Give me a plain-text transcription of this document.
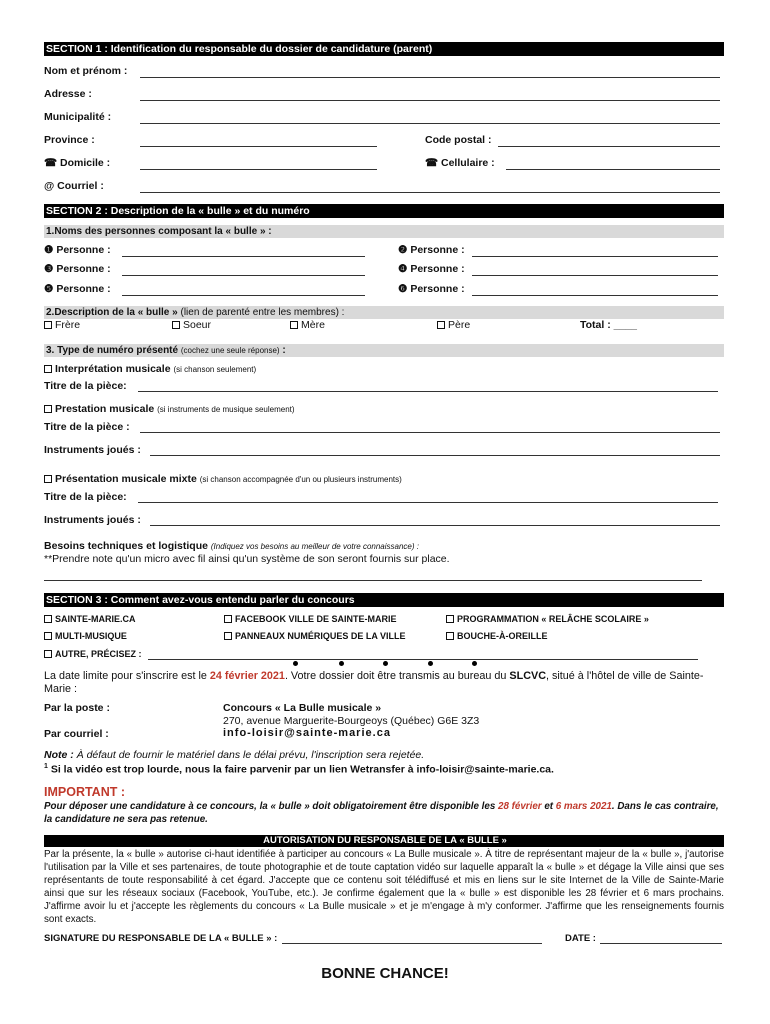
SECTION 1 : Identification du responsable du dossier de candidature (parent)
Nom et prénom :
Adresse :
Municipalité :
Province :	Code postal :
☎ Domicile :	☎ Cellulaire :
@ Courriel :
SECTION 2 : Description de la « bulle » et du numéro
1.Noms des personnes composant la « bulle » :
❶ Personne :	❷ Personne :
❸ Personne :	❹ Personne :
❺ Personne :	❻ Personne :
2.Description de la « bulle » (lien de parenté entre les membres) :
Frère	Soeur	Mère	Père	Total : ____
3. Type de numéro présenté (cochez une seule réponse) :
Interprétation musicale (si chanson seulement)
Titre de la pièce:
Prestation musicale (si instruments de musique seulement)
Titre de la pièce :
Instruments joués :
Présentation musicale mixte (si chanson accompagnée d'un ou plusieurs instruments)
Titre de la pièce:
Instruments joués :
Besoins techniques et logistique (Indiquez vos besoins au meilleur de votre connaissance) :
**Prendre note qu'un micro avec fil ainsi qu'un système de son seront fournis sur place.
SECTION 3 : Comment avez-vous entendu parler du concours
SAINTE-MARIE.CA	FACEBOOK VILLE DE SAINTE-MARIE	PROGRAMMATION « RELÂCHE SCOLAIRE »
MULTI-MUSIQUE	PANNEAUX NUMÉRIQUES DE LA VILLE	BOUCHE-À-OREILLE
AUTRE, PRÉCISEZ :
La date limite pour s'inscrire est le 24 février 2021. Votre dossier doit être transmis au bureau du SLCVC, situé à l'hôtel de ville de Sainte-Marie :
Par la poste :	Concours « La Bulle musicale »
270, avenue Marguerite-Bourgeoys (Québec) G6E 3Z3
Par courriel :	info-loisir@sainte-marie.ca
Note : À défaut de fournir le matériel dans le délai prévu, l'inscription sera rejetée.
$^1$ Si la vidéo est trop lourde, nous la faire parvenir par un lien Wetransfer à info-loisir@sainte-marie.ca.
IMPORTANT :
Pour déposer une candidature à ce concours, la « bulle » doit obligatoirement être disponible les 28 février et 6 mars 2021. Dans le cas contraire, la candidature ne sera pas retenue.
AUTORISATION DU RESPONSABLE DE LA « BULLE »
Par la présente, la « bulle » autorise ci-haut identifiée à participer au concours « La Bulle musicale ». À titre de représentant majeur de la « bulle », j'autorise l'utilisation par la Ville et ses partenaires, de toute photographie et de toute captation vidéo sur laquelle apparaît la « bulle » et dégage la Ville ainsi que ses représentants de toute responsabilité à cet égard. J'accepte que ce contenu soit télédiffusé et mis en liens sur le site Internet de la Ville de Sainte-Marie ainsi que sur les réseaux sociaux (Facebook, YouTube, etc.). Je confirme également que la « bulle » est disponible les 28 février et 6 mars prochains. J'affirme avoir lu et j'accepte les règlements du concours « La Bulle musicale » et je m'engage à m'y conformer. J'affirme que les renseignements fournis sont exacts.
SIGNATURE DU RESPONSABLE DE LA « BULLE » :	DATE :
BONNE CHANCE!
